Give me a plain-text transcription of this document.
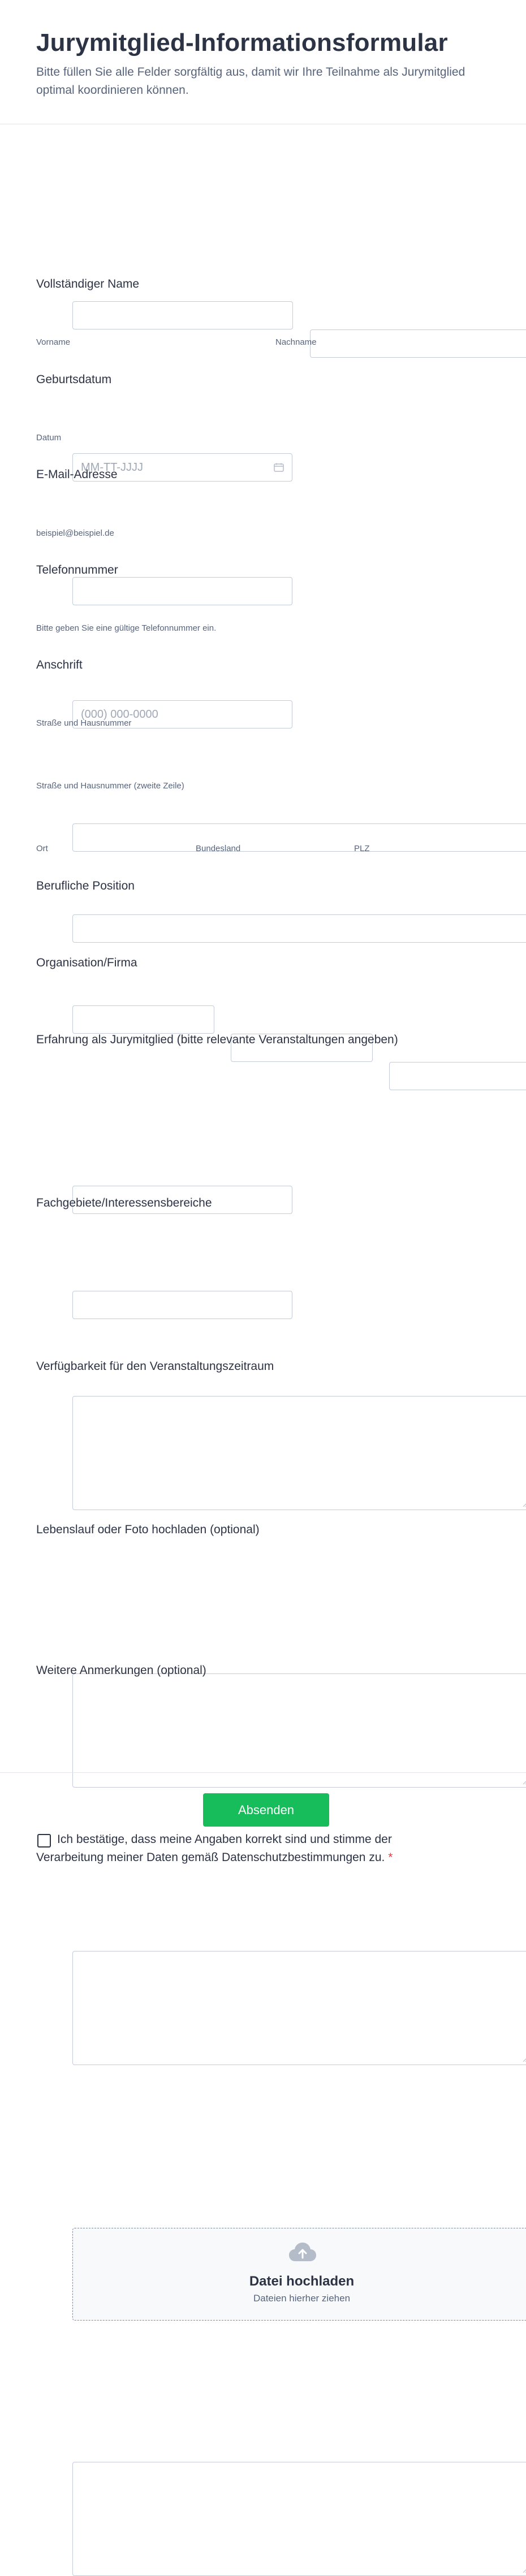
Jurymitglied-Informationsformular

Bitte füllen Sie alle Felder sorgfältig aus, damit wir Ihre Teilnahme als Jurymitglied
optimal koordinieren können.

Vollständiger Name
Vorname	Nachname
Geburtsdatum
MM-TT-JJJJ
Datum
E-Mail-Adresse
beispiel@beispiel.de
Telefonnummer
(000) 000-0000
Bitte geben Sie eine gültige Telefonnummer ein.
Anschrift
Straße und Hausnummer
Straße und Hausnummer (zweite Zeile)
Ort	Bundesland	PLZ
Berufliche Position
Organisation/Firma
Erfahrung als Jurymitglied (bitte relevante Veranstaltungen angeben)
Fachgebiete/Interessensbereiche
Verfügbarkeit für den Veranstaltungszeitraum
Lebenslauf oder Foto hochladen (optional)
Datei hochladen
Dateien hierher ziehen
Weitere Anmerkungen (optional)
Ich bestätige, dass meine Angaben korrekt sind und stimme der
Verarbeitung meiner Daten gemäß Datenschutzbestimmungen zu. *
Absenden
